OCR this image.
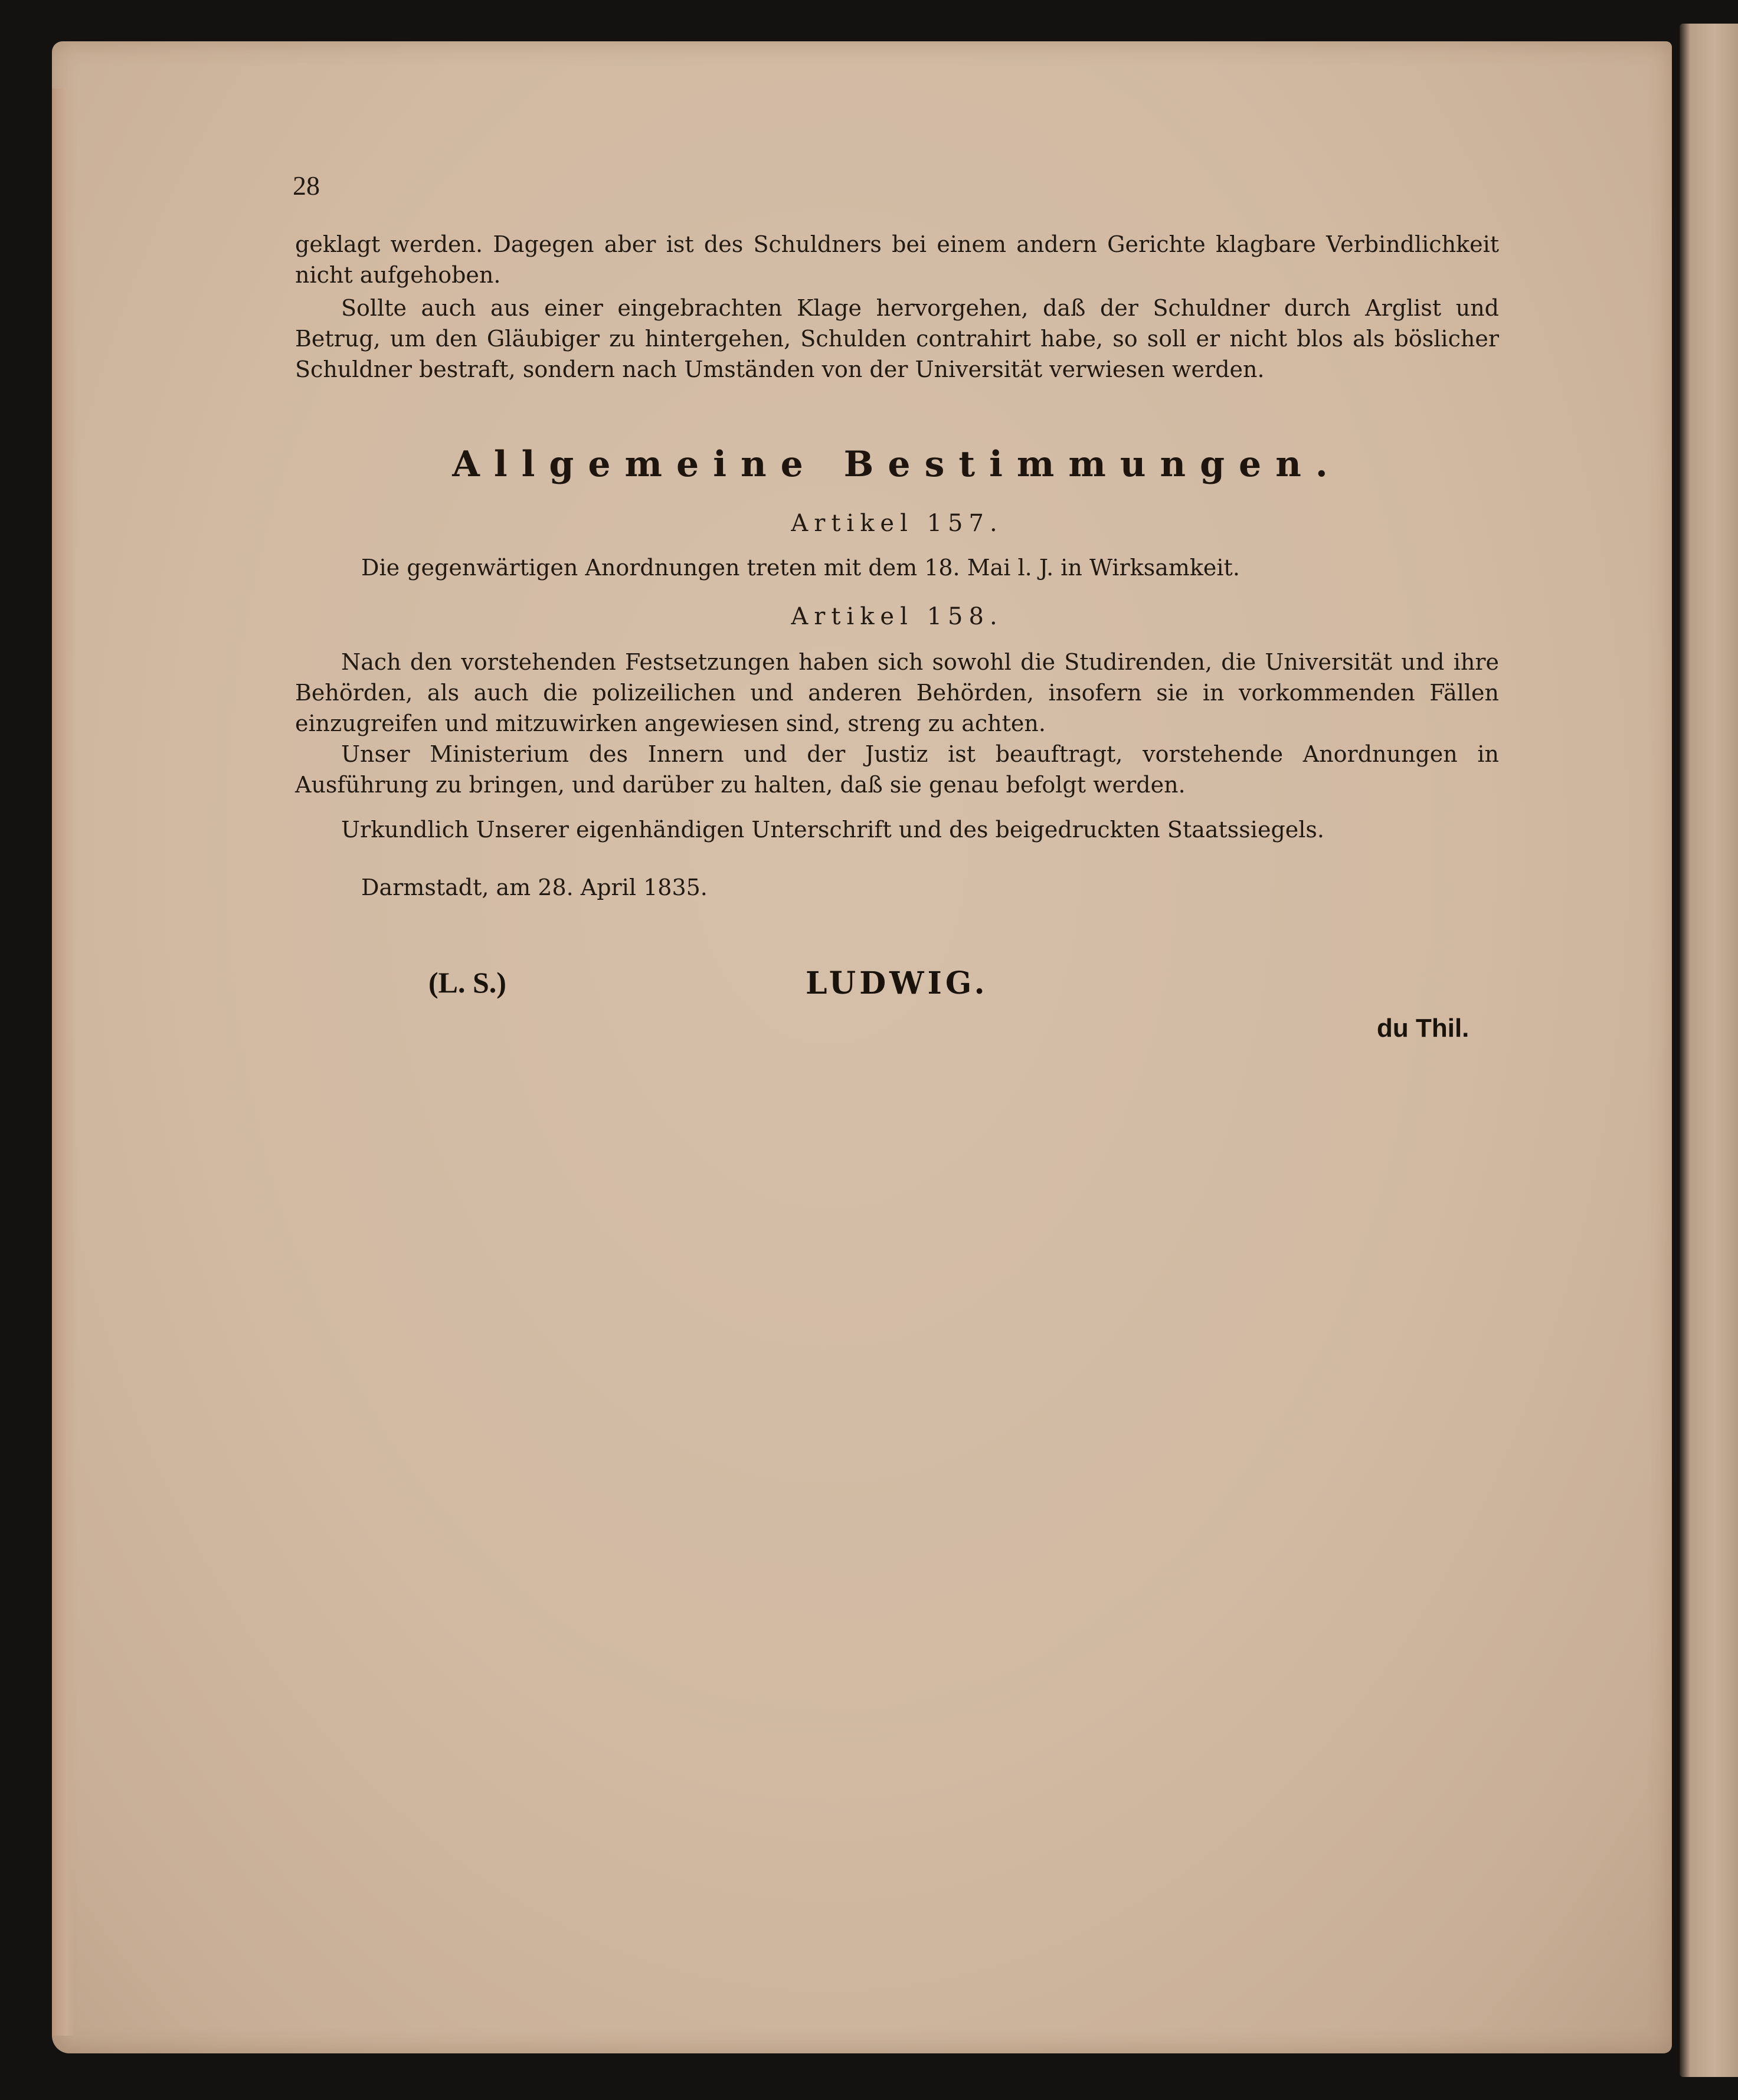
28
geklagt werden. Dagegen aber ist des Schuldners bei einem andern Gerichte klagbare Verbindlichkeit nicht aufgehoben.
Sollte auch aus einer eingebrachten Klage hervorgehen, daß der Schuldner durch Arglist und Betrug, um den Gläubiger zu hintergehen, Schulden contrahirt habe, so soll er nicht blos als böslicher Schuldner bestraft, sondern nach Umständen von der Universität verwiesen werden.
Allgemeine Bestimmungen.
Artikel 157.
Die gegenwärtigen Anordnungen treten mit dem 18. Mai l. J. in Wirksamkeit.
Artikel 158.
Nach den vorstehenden Festsetzungen haben sich sowohl die Studirenden, die Universität und ihre Behörden, als auch die polizeilichen und anderen Behörden, insofern sie in vorkommenden Fällen einzugreifen und mitzuwirken angewiesen sind, streng zu achten.
Unser Ministerium des Innern und der Justiz ist beauftragt, vorstehende Anordnungen in Ausführung zu bringen, und darüber zu halten, daß sie genau befolgt werden.
Urkundlich Unserer eigenhändigen Unterschrift und des beigedruckten Staatssiegels.
Darmstadt, am 28. April 1835.
(L. S.)	LUDWIG.
du Thil.
